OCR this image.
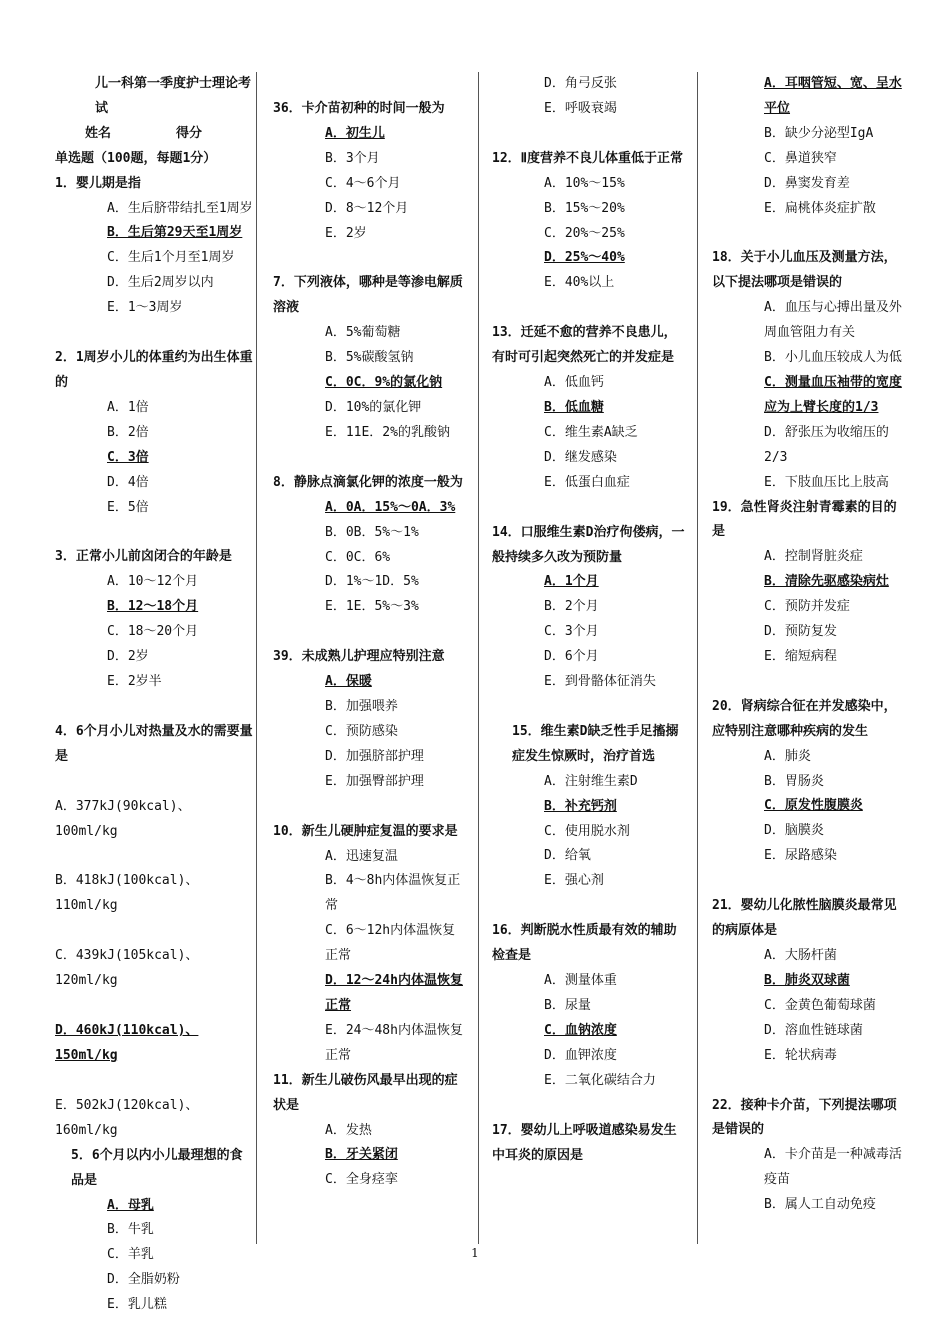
儿一科第一季度护士理论考试

姓名　　　　　得分

单选题（100题，每题1分）

1．婴儿期是指

A．生后脐带结扎至1周岁

B．生后第29天至1周岁

C．生后1个月至1周岁

D．生后2周岁以内

E．1～3周岁

2．1周岁小儿的体重约为出生体重的

A．1倍

B．2倍

C．3倍

D．4倍

E．5倍

3．正常小儿前囟闭合的年龄是

A．10～12个月

B．12～18个月

C．18～20个月

D．2岁

E．2岁半

4．6个月小儿对热量及水的需要量是

A．377kJ(90kcal)、100ml/kg

B．418kJ(100kcal)、110ml/kg

C．439kJ(105kcal)、120ml/kg

D．460kJ(110kcal)、150ml/kg

E．502kJ(120kcal)、160ml/kg

5．6个月以内小儿最理想的食品是

A．母乳

B．牛乳

C．羊乳

D．全脂奶粉

E．乳儿糕

36．卡介苗初种的时间一般为

A．初生儿

B．3个月

C．4～6个月

D．8～12个月

E．2岁

7．下列液体，哪种是等渗电解质溶液

A．5%葡萄糖

B．5%碳酸氢钠

C．0C．9%的氯化钠

D．10%的氯化钾

E．11E．2%的乳酸钠

8．静脉点滴氯化钾的浓度一般为

A．0A．15%～0A．3%

B．0B．5%～1%

C．0C．6%

D．1%～1D．5%

E．1E．5%～3%

39．未成熟儿护理应特别注意

A．保暖

B．加强喂养

C．预防感染

D．加强脐部护理

E．加强臀部护理

10．新生儿硬肿症复温的要求是

A．迅速复温

B．4～8h内体温恢复正常

C．6～12h内体温恢复正常

D．12～24h内体温恢复正常

E．24～48h内体温恢复正常

11．新生儿破伤风最早出现的症状是

A．发热

B．牙关紧闭

C．全身痉挛

D．角弓反张

E．呼吸衰竭

12．Ⅱ度营养不良儿体重低于正常

A．10%～15%

B．15%～20%

C．20%～25%

D．25%～40%

E．40%以上

13．迁延不愈的营养不良患儿，有时可引起突然死亡的并发症是

A．低血钙

B．低血糖

C．维生素A缺乏

D．继发感染

E．低蛋白血症

14．口服维生素D治疗佝偻病，一般持续多久改为预防量

A．1个月

B．2个月

C．3个月

D．6个月

E．到骨骼体征消失

15．维生素D缺乏性手足搐搦症发生惊厥时，治疗首选

A．注射维生素D

B．补充钙剂

C．使用脱水剂

D．给氧

E．强心剂

16．判断脱水性质最有效的辅助检查是

A．测量体重

B．尿量

C．血钠浓度

D．血钾浓度

E．二氧化碳结合力

17．婴幼儿上呼吸道感染易发生中耳炎的原因是

A．耳咽管短、宽、呈水平位

B．缺少分泌型IgA

C．鼻道狭窄

D．鼻窦发育差

E．扁桃体炎症扩散

18．关于小儿血压及测量方法，以下提法哪项是错误的

A．血压与心搏出量及外周血管阻力有关

B．小儿血压较成人为低

C．测量血压袖带的宽度应为上臂长度的1/3

D．舒张压为收缩压的2/3

E．下肢血压比上肢高

19．急性肾炎注射青霉素的目的是

A．控制肾脏炎症

B．清除先驱感染病灶

C．预防并发症

D．预防复发

E．缩短病程

20．肾病综合征在并发感染中，应特别注意哪种疾病的发生

A．肺炎

B．胃肠炎

C．原发性腹膜炎

D．脑膜炎

E．尿路感染

21．婴幼儿化脓性脑膜炎最常见的病原体是

A．大肠杆菌

B．肺炎双球菌

C．金黄色葡萄球菌

D．溶血性链球菌

E．轮状病毒

22．接种卡介苗，下列提法哪项是错误的

A．卡介苗是一种减毒活疫苗

B．属人工自动免疫

1
